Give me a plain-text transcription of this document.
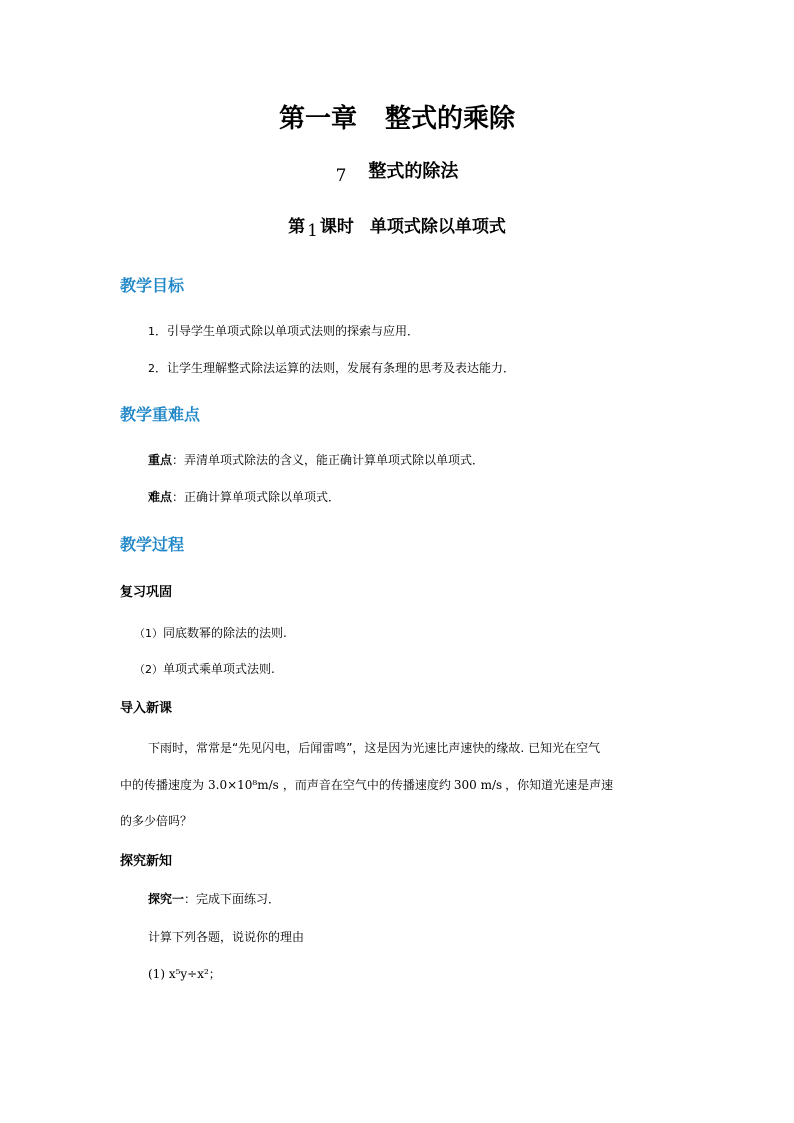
第一章 整式的乘除
7 整式的除法
第 1 课时 单项式除以单项式
教学目标
1．引导学生单项式除以单项式法则的探索与应用．
2．让学生理解整式除法运算的法则，发展有条理的思考及表达能力．
教学重难点
重点：弄清单项式除法的含义，能正确计算单项式除以单项式．
难点：正确计算单项式除以单项式．
教学过程
复习巩固
（1）同底数幂的除法的法则.
（2）单项式乘单项式法则.
导入新课
下雨时，常常是“先见闪电，后闻雷鸣”，这是因为光速比声速快的缘故. 已知光在空气
中的传播速度为 3.0×10⁸m/s ，而声音在空气中的传播速度约 300 m/s ，你知道光速是声速
的多少倍吗？
探究新知
探究一：完成下面练习．
计算下列各题，说说你的理由
(1) x⁵y÷x²；
